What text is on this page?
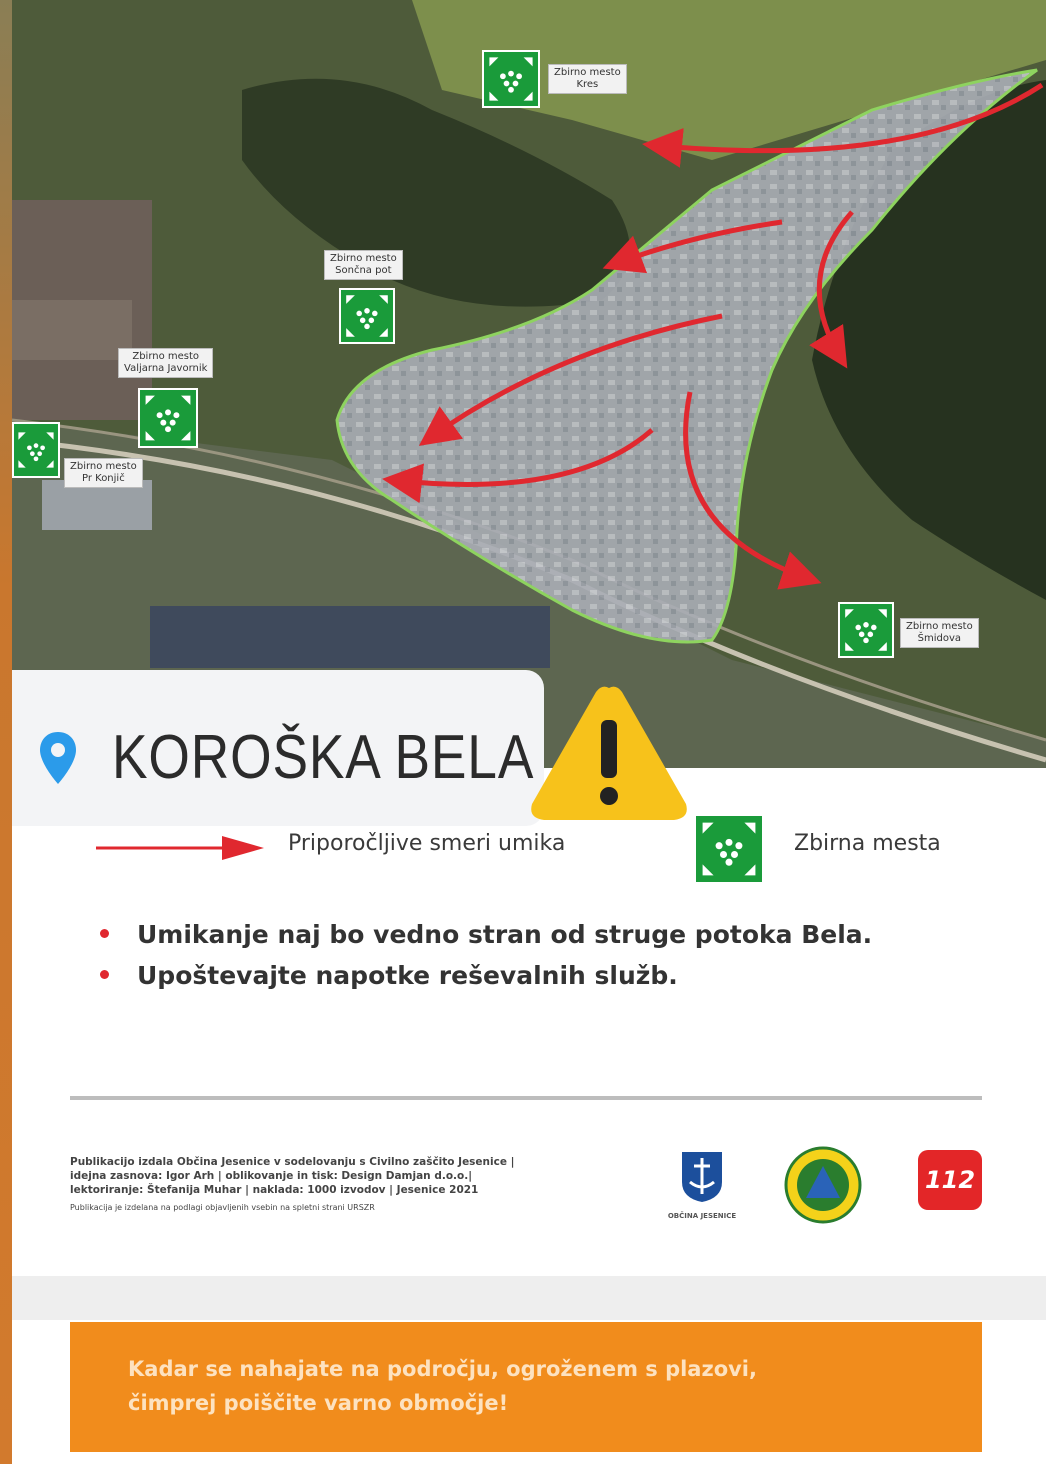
Zbirno mesto
Kres
Zbirno mesto
Sončna pot
Zbirno mesto
Valjarna Javornik
Zbirno mesto
Pr Konjič
Zbirno mesto
Šmidova
KOROŠKA BELA
Priporočljive smeri umika	Zbirna mesta
Umikanje naj bo vedno stran od struge potoka Bela.
Upoštevajte napotke reševalnih služb.
Publikacijo izdala Občina Jesenice v sodelovanju s Civilno zaščito Jesenice |
idejna zasnova: Igor Arh | oblikovanje in tisk: Design Damjan d.o.o.|
lektoriranje: Štefanija Muhar | naklada: 1000 izvodov | Jesenice 2021
Publikacija je izdelana na podlagi objavljenih vsebin na spletni strani URSZR
OBČINA JESENICE
112
Kadar se nahajate na področju, ogroženem s plazovi,
čimprej poiščite varno območje!
